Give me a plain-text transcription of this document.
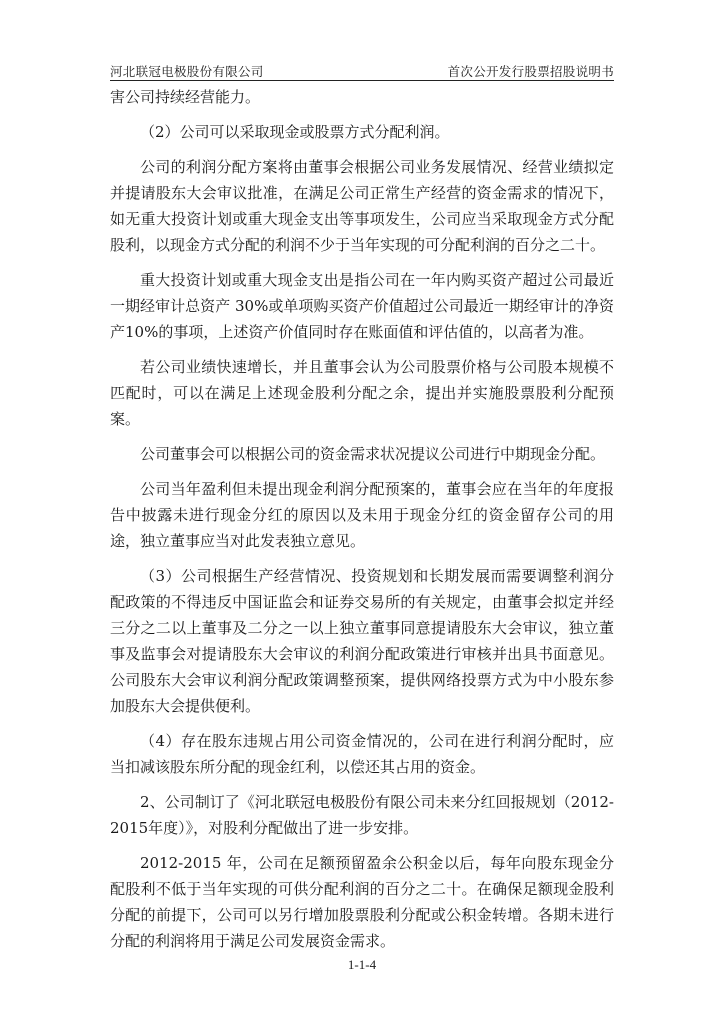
河北联冠电极股份有限公司	首次公开发行股票招股说明书

害公司持续经营能力。

（2）公司可以采取现金或股票方式分配利润。

公司的利润分配方案将由董事会根据公司业务发展情况、经营业绩拟定并提请股东大会审议批准，在满足公司正常生产经营的资金需求的情况下，如无重大投资计划或重大现金支出等事项发生，公司应当采取现金方式分配股利，以现金方式分配的利润不少于当年实现的可分配利润的百分之二十。

重大投资计划或重大现金支出是指公司在一年内购买资产超过公司最近一期经审计总资产 30%或单项购买资产价值超过公司最近一期经审计的净资产10%的事项，上述资产价值同时存在账面值和评估值的，以高者为准。

若公司业绩快速增长，并且董事会认为公司股票价格与公司股本规模不匹配时，可以在满足上述现金股利分配之余，提出并实施股票股利分配预案。

公司董事会可以根据公司的资金需求状况提议公司进行中期现金分配。

公司当年盈利但未提出现金利润分配预案的，董事会应在当年的年度报告中披露未进行现金分红的原因以及未用于现金分红的资金留存公司的用途，独立董事应当对此发表独立意见。

（3）公司根据生产经营情况、投资规划和长期发展而需要调整利润分配政策的不得违反中国证监会和证券交易所的有关规定，由董事会拟定并经三分之二以上董事及二分之一以上独立董事同意提请股东大会审议，独立董事及监事会对提请股东大会审议的利润分配政策进行审核并出具书面意见。公司股东大会审议利润分配政策调整预案，提供网络投票方式为中小股东参加股东大会提供便利。

（4）存在股东违规占用公司资金情况的，公司在进行利润分配时，应当扣减该股东所分配的现金红利，以偿还其占用的资金。

2、公司制订了《河北联冠电极股份有限公司未来分红回报规划（2012-2015年度）》，对股利分配做出了进一步安排。

2012-2015 年，公司在足额预留盈余公积金以后，每年向股东现金分配股利不低于当年实现的可供分配利润的百分之二十。在确保足额现金股利分配的前提下，公司可以另行增加股票股利分配或公积金转增。各期未进行分配的利润将用于满足公司发展资金需求。

1-1-4
